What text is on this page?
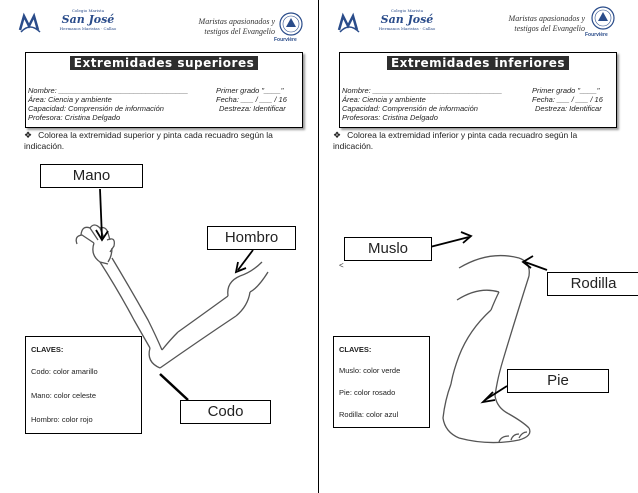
Colegio Marista
San José
Hermanos Maristas · Callao
Maristas apasionados y
testigos del Evangelio
Fourvière
Extremidades superiores
Nombre: _______________________________	Primer grado "____"
Área: Ciencia y ambiente	Fecha: ___ / ___ / 16
Capacidad: Comprensión de información	Destreza: Identificar
Profesora: Cristina Delgado
❖ Colorea la extremidad superior y pinta cada recuadro según la indicación.
Mano
Hombro
Codo
CLAVES:
Codo: color amarillo
Mano: color celeste
Hombro: color rojo
Colegio Marista
San José
Hermanos Maristas · Callao
Maristas apasionados y
testigos del Evangelio
Fourvière
Extremidades inferiores
Nombre: _______________________________	Primer grado "____"
Área: Ciencia y ambiente	Fecha: ___ / ___ / 16
Capacidad: Comprensión de información	Destreza: Identificar
Profesoras: Cristina Delgado
❖ Colorea la extremidad inferior y pinta cada recuadro según la indicación.
<
Muslo
Rodilla
Pie
CLAVES:
Muslo: color verde
Pie: color rosado
Rodilla: color azul
